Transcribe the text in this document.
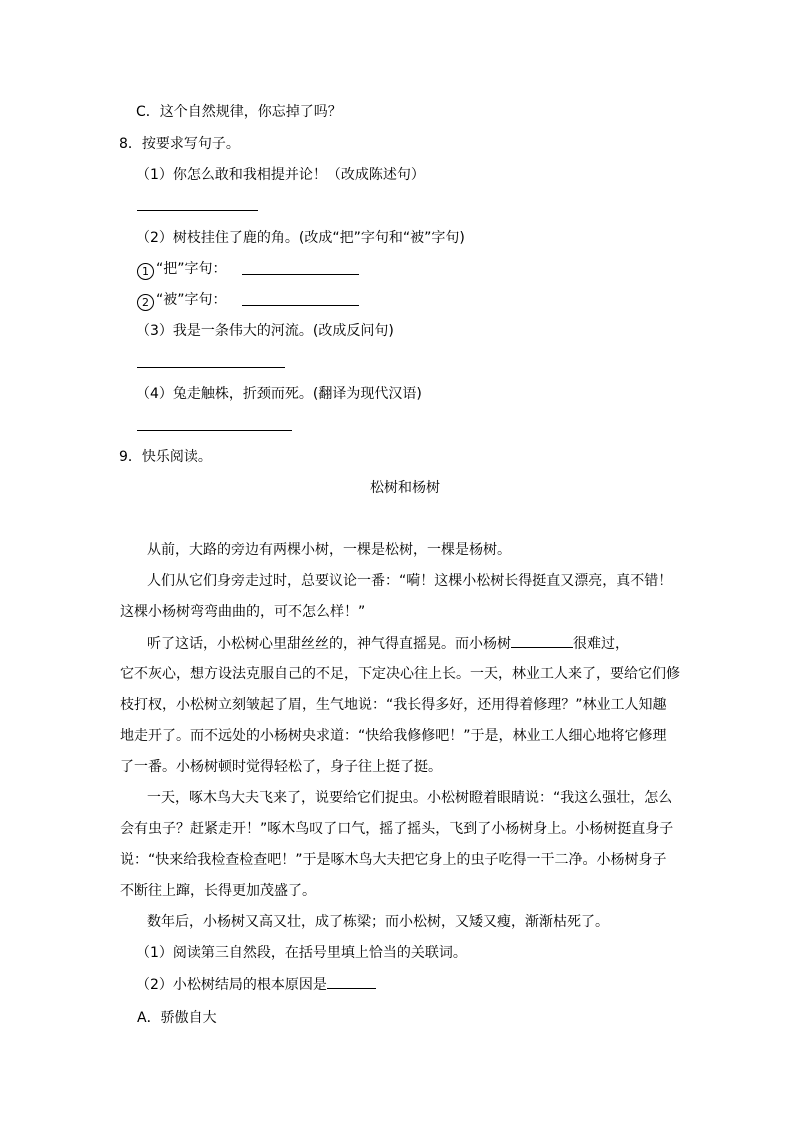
C．这个自然规律，你忘掉了吗？
8．按要求写句子。
（1）你怎么敢和我相提并论！（改成陈述句）
（2）树枝挂住了鹿的角。(改成“把”字句和“被”字句)
1 “把”字句：
2 “被”字句：
（3）我是一条伟大的河流。(改成反问句)
（4）兔走触株，折颈而死。(翻译为现代汉语)
9．快乐阅读。
松树和杨树
从前，大路的旁边有两棵小树，一棵是松树，一棵是杨树。
人们从它们身旁走过时，总要议论一番：“嗬！这棵小松树长得挺直又漂亮，真不错！
这棵小杨树弯弯曲曲的，可不怎么样！”
听了这话，小松树心里甜丝丝的，神气得直摇晃。而小杨树	很难过，
它不灰心，想方设法克服自己的不足，下定决心往上长。一天，林业工人来了，要给它们修
枝打杈，小松树立刻皱起了眉，生气地说：“我长得多好，还用得着修理？”林业工人知趣
地走开了。而不远处的小杨树央求道：“快给我修修吧！”于是，林业工人细心地将它修理
了一番。小杨树顿时觉得轻松了，身子往上挺了挺。
一天，啄木鸟大夫飞来了，说要给它们捉虫。小松树瞪着眼睛说：“我这么强壮，怎么
会有虫子？赶紧走开！”啄木鸟叹了口气，摇了摇头，飞到了小杨树身上。小杨树挺直身子
说：“快来给我检查检查吧！”于是啄木鸟大夫把它身上的虫子吃得一干二净。小杨树身子
不断往上蹿，长得更加茂盛了。
数年后，小杨树又高又壮，成了栋梁；而小松树，又矮又瘦，渐渐枯死了。
（1）阅读第三自然段，在括号里填上恰当的关联词。
（2）小松树结局的根本原因是
A．骄傲自大
